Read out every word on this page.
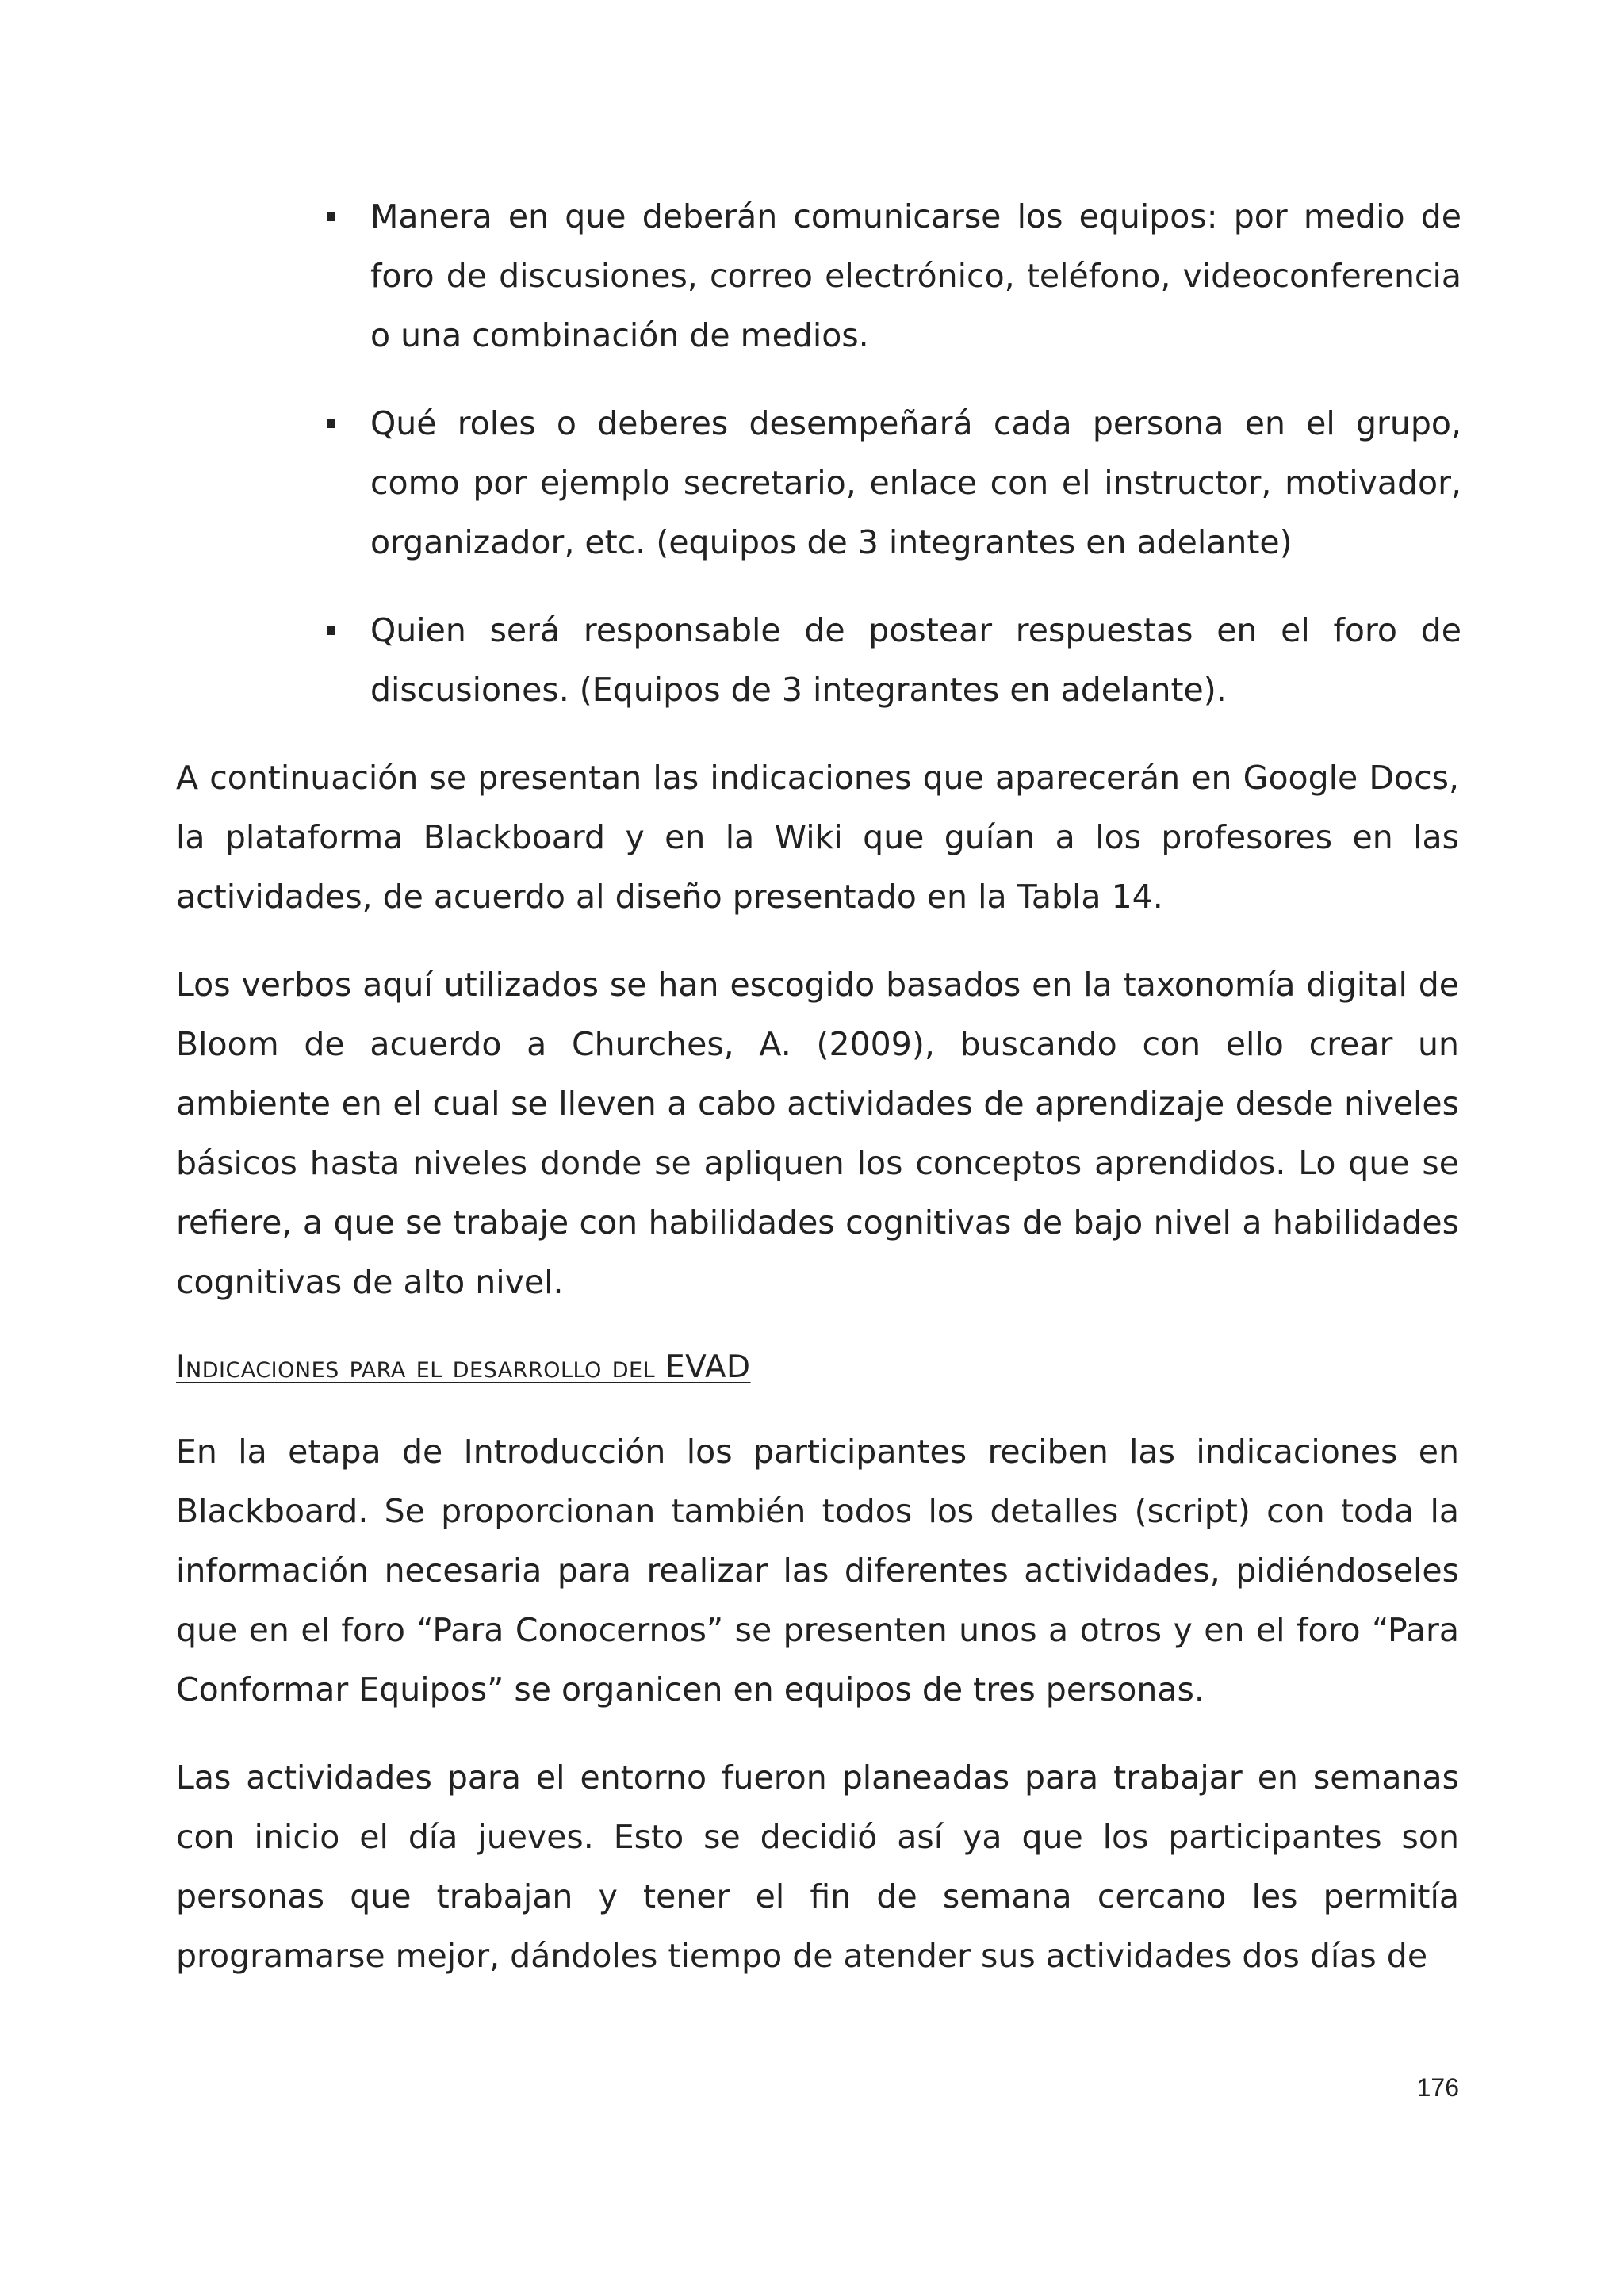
Manera en que deberán comunicarse los equipos: por medio de foro de discusiones, correo electrónico, teléfono, videoconferencia o una combinación de medios.
Qué roles o deberes desempeñará cada persona en el grupo, como por ejemplo secretario, enlace con el instructor, motivador, organizador, etc. (equipos de 3 integrantes en adelante)
Quien será responsable de postear respuestas en el foro de discusiones. (Equipos de 3 integrantes en adelante).

A continuación se presentan las indicaciones que aparecerán en Google Docs, la plataforma Blackboard y en la Wiki que guían a los profesores en las actividades, de acuerdo al diseño presentado en la Tabla 14.

Los verbos aquí utilizados se han escogido basados en la taxonomía digital de Bloom de acuerdo a Churches, A. (2009), buscando con ello crear un ambiente en el cual se lleven a cabo actividades de aprendizaje desde niveles básicos hasta niveles donde se apliquen los conceptos aprendidos. Lo que se refiere, a que se trabaje con habilidades cognitivas de bajo nivel a habilidades cognitivas de alto nivel.

Indicaciones para el desarrollo del EVAD

En la etapa de Introducción los participantes reciben las indicaciones en Blackboard. Se proporcionan también todos los detalles (script) con toda la información necesaria para realizar las diferentes actividades, pidiéndoseles que en el foro “Para Conocernos” se presenten unos a otros y en el foro “Para Conformar Equipos” se organicen en equipos de tres personas.

Las actividades para el entorno fueron planeadas para trabajar en semanas con inicio el día jueves. Esto se decidió así ya que los participantes son personas que trabajan y tener el fin de semana cercano les permitía programarse mejor, dándoles tiempo de atender sus actividades dos días de

176
